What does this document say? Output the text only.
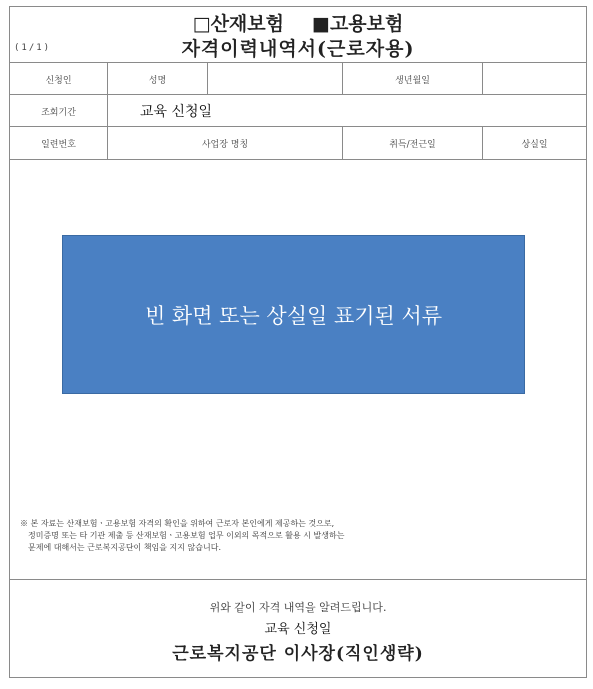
(1/1)
□산재보험 ■고용보험
자격이력내역서(근로자용)
신청인	성명	생년월일
조회기간	교육 신청일
일련번호	사업장 명칭	취득/전근일	상실일
빈 화면 또는 상실일 표기된 서류
※ 본 자료는 산재보험ㆍ고용보험 자격의 확인을 위하여 근로자 본인에게 제공하는 것으로,
정미증명 또는 타 기관 제출 등 산재보험ㆍ고용보험 업무 이외의 목적으로 활용 시 발생하는
문제에 대해서는 근로복지공단이 책임을 지지 않습니다.
위와 같이 자격 내역을 알려드립니다.
교육 신청일
근로복지공단 이사장(직인생략)
